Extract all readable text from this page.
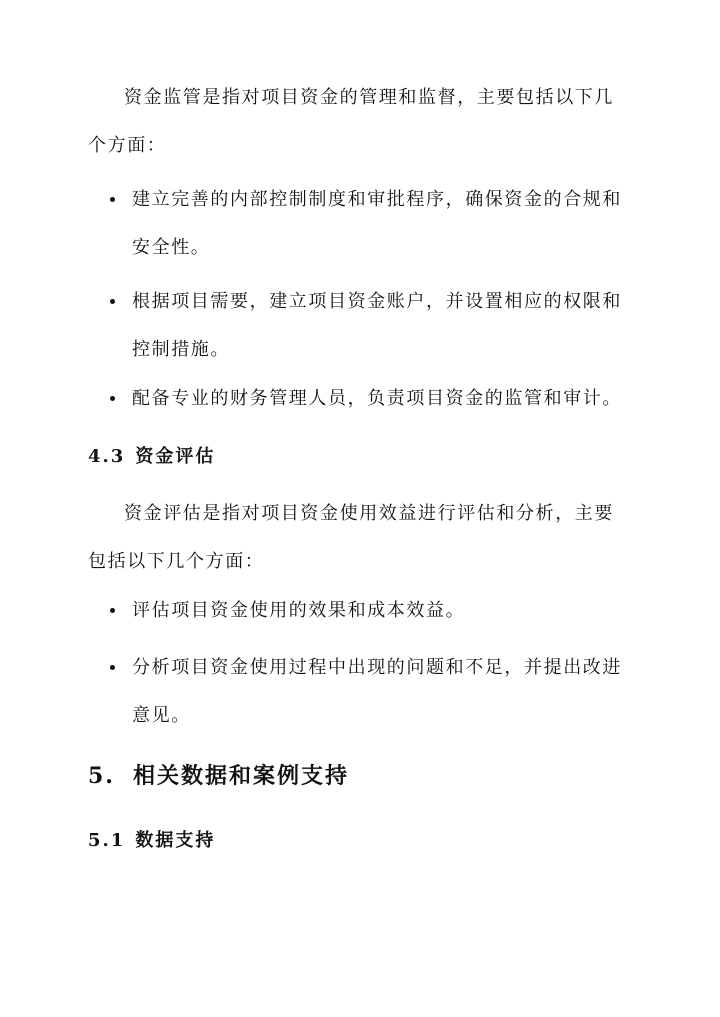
资金监管是指对项目资金的管理和监督，主要包括以下几个方面：

建立完善的内部控制制度和审批程序，确保资金的合规和安全性。
根据项目需要，建立项目资金账户，并设置相应的权限和控制措施。
配备专业的财务管理人员，负责项目资金的监管和审计。
4.3 资金评估

资金评估是指对项目资金使用效益进行评估和分析，主要包括以下几个方面：

评估项目资金使用的效果和成本效益。
分析项目资金使用过程中出现的问题和不足，并提出改进意见。
5. 相关数据和案例支持
5.1 数据支持
